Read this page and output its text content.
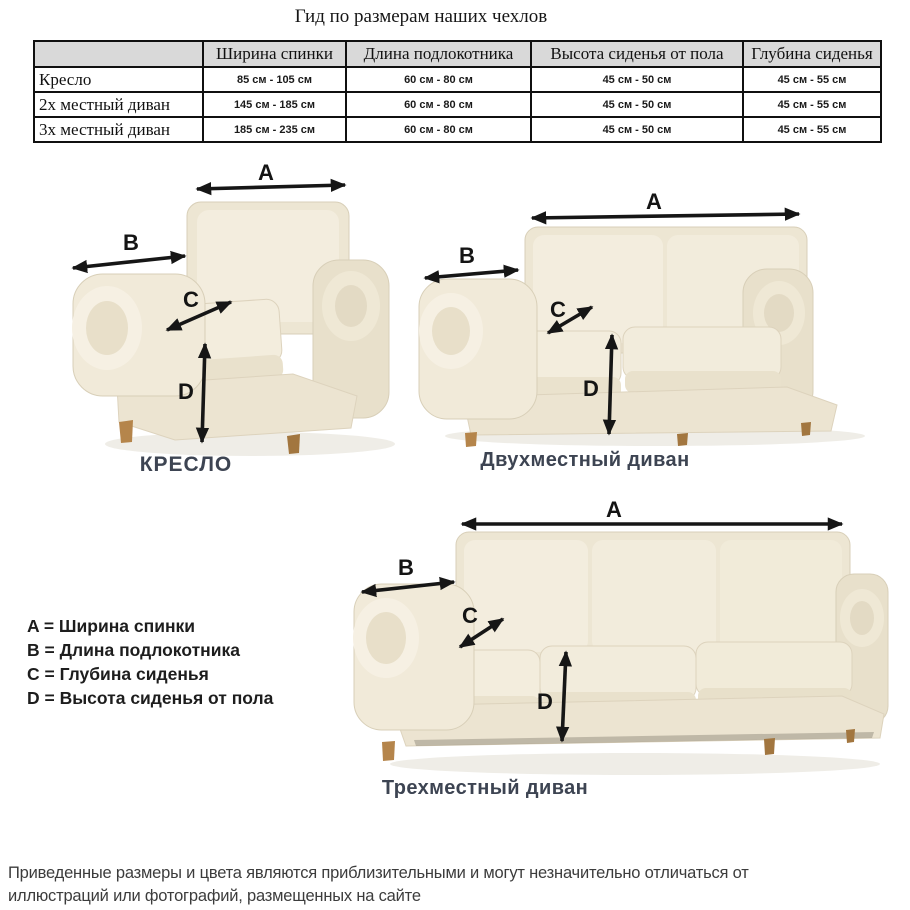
Гид по размерам наших чехлов
	Ширина спинки	Длина подлокотника	Высота сиденья от пола	Глубина сиденья
Кресло	85 см - 105 см	60 см - 80 см	45 см - 50 см	45 см - 55 см
2х местный диван	145 см - 185 см	60 см - 80 см	45 см - 50 см	45 см - 55 см
3х местный диван	185 см - 235 см	60 см - 80 см	45 см - 50 см	45 см - 55 см
A
B
C
D
КРЕСЛО
A
B
C
D
Двухместный диван
A
B
C
D
Трехместный диван
A = Ширина спинки
B = Длина подлокотника
C = Глубина сиденья
D = Высота сиденья от пола
Приведенные размеры и цвета являются приблизительными и могут незначительно отличаться от
иллюстраций или фотографий, размещенных на сайте
